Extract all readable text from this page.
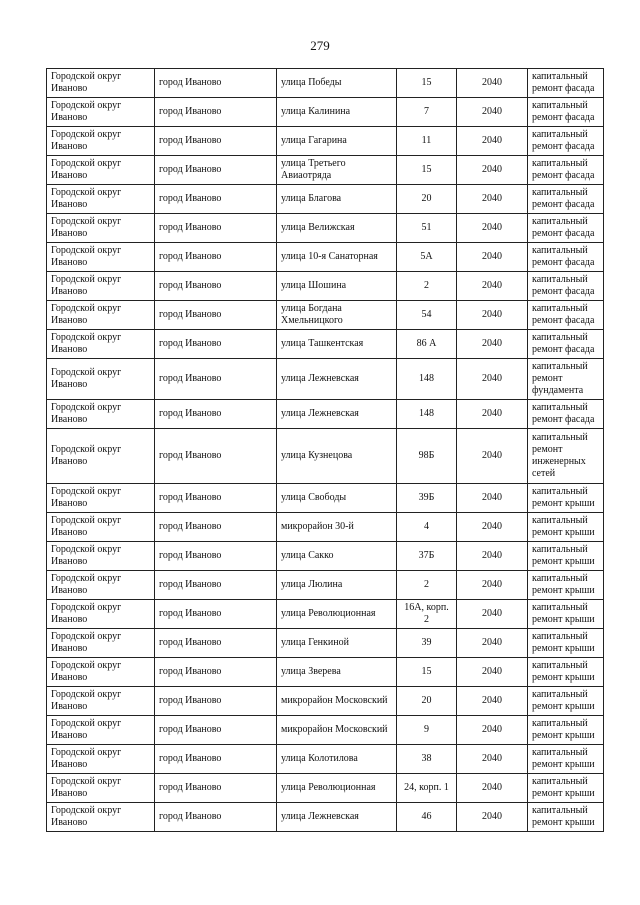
279
Городской округ Иваново	город Иваново	улица Победы	15	2040	капитальный ремонт фасада
Городской округ Иваново	город Иваново	улица Калинина	7	2040	капитальный ремонт фасада
Городской округ Иваново	город Иваново	улица Гагарина	11	2040	капитальный ремонт фасада
Городской округ Иваново	город Иваново	улица Третьего Авиаотряда	15	2040	капитальный ремонт фасада
Городской округ Иваново	город Иваново	улица Благова	20	2040	капитальный ремонт фасада
Городской округ Иваново	город Иваново	улица Велижская	51	2040	капитальный ремонт фасада
Городской округ Иваново	город Иваново	улица 10-я Санаторная	5А	2040	капитальный ремонт фасада
Городской округ Иваново	город Иваново	улица Шошина	2	2040	капитальный ремонт фасада
Городской округ Иваново	город Иваново	улица Богдана Хмельницкого	54	2040	капитальный ремонт фасада
Городской округ Иваново	город Иваново	улица Ташкентская	86 А	2040	капитальный ремонт фасада
Городской округ Иваново	город Иваново	улица Лежневская	148	2040	капитальный ремонт фундамента
Городской округ Иваново	город Иваново	улица Лежневская	148	2040	капитальный ремонт фасада
Городской округ Иваново	город Иваново	улица Кузнецова	98Б	2040	капитальный ремонт инженерных сетей
Городской округ Иваново	город Иваново	улица Свободы	39Б	2040	капитальный ремонт крыши
Городской округ Иваново	город Иваново	микрорайон 30-й	4	2040	капитальный ремонт крыши
Городской округ Иваново	город Иваново	улица Сакко	37Б	2040	капитальный ремонт крыши
Городской округ Иваново	город Иваново	улица Люлина	2	2040	капитальный ремонт крыши
Городской округ Иваново	город Иваново	улица Революционная	16А, корп. 2	2040	капитальный ремонт крыши
Городской округ Иваново	город Иваново	улица Генкиной	39	2040	капитальный ремонт крыши
Городской округ Иваново	город Иваново	улица Зверева	15	2040	капитальный ремонт крыши
Городской округ Иваново	город Иваново	микрорайон Московский	20	2040	капитальный ремонт крыши
Городской округ Иваново	город Иваново	микрорайон Московский	9	2040	капитальный ремонт крыши
Городской округ Иваново	город Иваново	улица Колотилова	38	2040	капитальный ремонт крыши
Городской округ Иваново	город Иваново	улица Революционная	24, корп. 1	2040	капитальный ремонт крыши
Городской округ Иваново	город Иваново	улица Лежневская	46	2040	капитальный ремонт крыши
